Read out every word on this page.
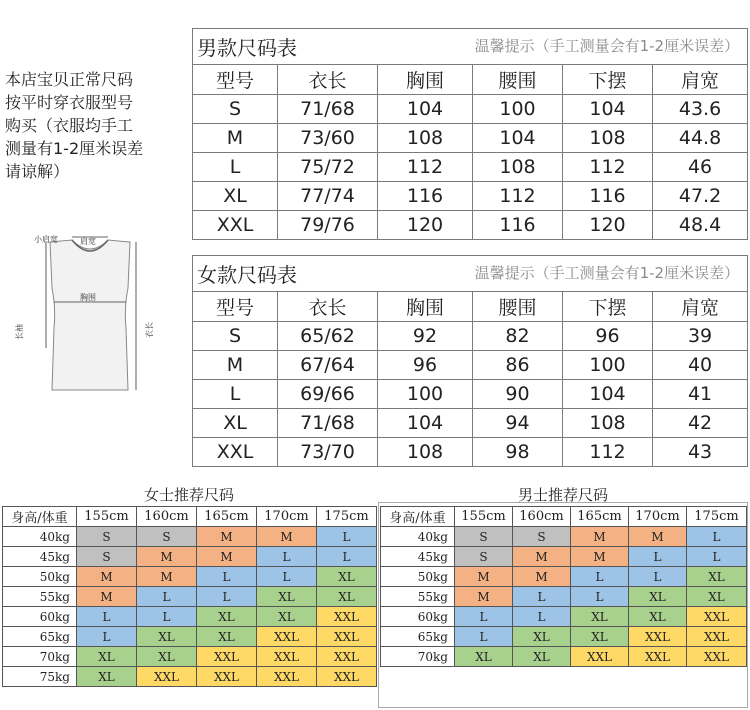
本店宝贝正常尺码
按平时穿衣服型号
购买（衣服均手工
测量有1-2厘米误差
请谅解）
小肩宽	肩宽
胸围
长袖	衣长
男款尺码表 温馨提示（手工测量会有1-2厘米误差）					

型号	衣长	胸围	腰围	下摆	肩宽
S	71/68	104	100	104	43.6
M	73/60	108	104	108	44.8
L	75/72	112	108	112	46
XL	77/74	116	112	116	47.2
XXL	79/76	120	116	120	48.4
女款尺码表 温馨提示（手工测量会有1-2厘米误差）					

型号	衣长	胸围	腰围	下摆	肩宽
S	65/62	92	82	96	39
M	67/64	96	86	100	40
L	69/66	100	90	104	41
XL	71/68	104	94	108	42
XXL	73/70	108	98	112	43
女士推荐尺码	男士推荐尺码
身高/体重	155cm	160cm	165cm	170cm	175cm
40kg	S	S	M	M	L
45kg	S	M	M	L	L
50kg	M	M	L	L	XL
55kg	M	L	L	XL	XL
60kg	L	L	XL	XL	XXL
65kg	L	XL	XL	XXL	XXL
70kg	XL	XL	XXL	XXL	XXL
75kg	XL	XXL	XXL	XXL	XXL
身高/体重	155cm	160cm	165cm	170cm	175cm
40kg	S	S	M	M	L
45kg	S	M	M	L	L
50kg	M	M	L	L	XL
55kg	M	L	L	XL	XL
60kg	L	L	XL	XL	XXL
65kg	L	XL	XL	XXL	XXL
70kg	XL	XL	XXL	XXL	XXL
